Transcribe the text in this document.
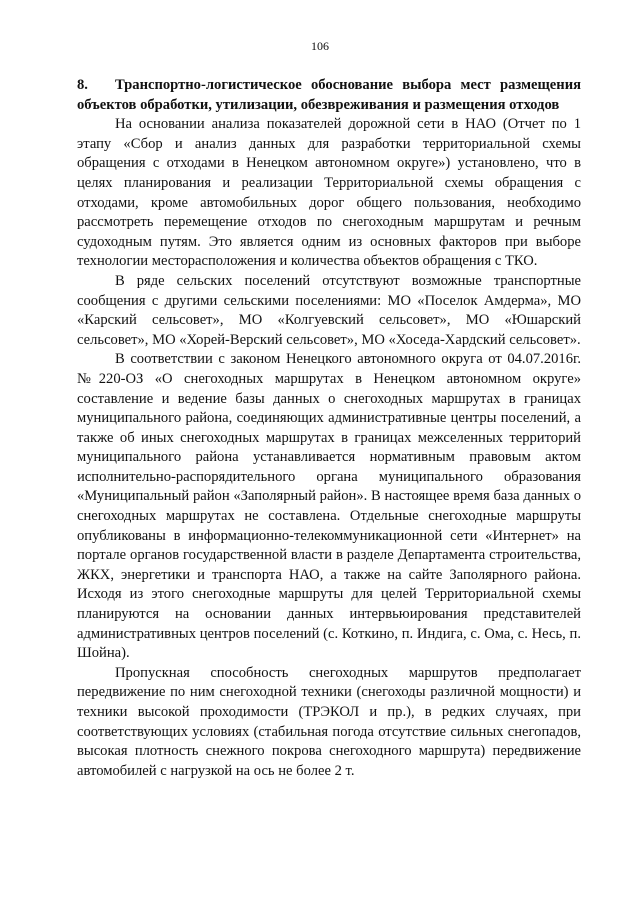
106
8. Транспортно-логистическое обоснование выбора мест размещения объектов обработки, утилизации, обезвреживания и размещения отходов

На основании анализа показателей дорожной сети в НАО (Отчет по 1 этапу «Сбор и анализ данных для разработки территориальной схемы обращения с отходами в Ненецком автономном округе») установлено, что в целях планирования и реализации Территориальной схемы обращения с отходами, кроме автомобильных дорог общего пользования, необходимо рассмотреть перемещение отходов по снегоходным маршрутам и речным судоходным путям. Это является одним из основных факторов при выборе технологии месторасположения и количества объектов обращения с ТКО.

В ряде сельских поселений отсутствуют возможные транспортные сообщения с другими сельскими поселениями: МО «Поселок Амдерма», МО «Карский сельсовет», МО «Колгуевский сельсовет», МО «Юшарский сельсовет», МО «Хорей-Верский сельсовет», МО «Хоседа-Хардский сельсовет».

В соответствии с законом Ненецкого автономного округа от 04.07.2016г. №220-ОЗ «О снегоходных маршрутах в Ненецком автономном округе» составление и ведение базы данных о снегоходных маршрутах в границах муниципального района, соединяющих административные центры поселений, а также об иных снегоходных маршрутах в границах межселенных территорий муниципального района устанавливается нормативным правовым актом исполнительно-распорядительного органа муниципального образования «Муниципальный район «Заполярный район». В настоящее время база данных о снегоходных маршрутах не составлена. Отдельные снегоходные маршруты опубликованы в информационно-телекоммуникационной сети «Интернет» на портале органов государственной власти в разделе Департамента строительства, ЖКХ, энергетики и транспорта НАО, а также на сайте Заполярного района. Исходя из этого снегоходные маршруты для целей Территориальной схемы планируются на основании данных интервьюирования представителей административных центров поселений (с. Коткино, п. Индига, с. Ома, с. Несь, п. Шойна).

Пропускная способность снегоходных маршрутов предполагает передвижение по ним снегоходной техники (снегоходы различной мощности) и техники высокой проходимости (ТРЭКОЛ и пр.), в редких случаях, при соответствующих условиях (стабильная погода отсутствие сильных снегопадов, высокая плотность снежного покрова снегоходного маршрута) передвижение автомобилей с нагрузкой на ось не более 2 т.
